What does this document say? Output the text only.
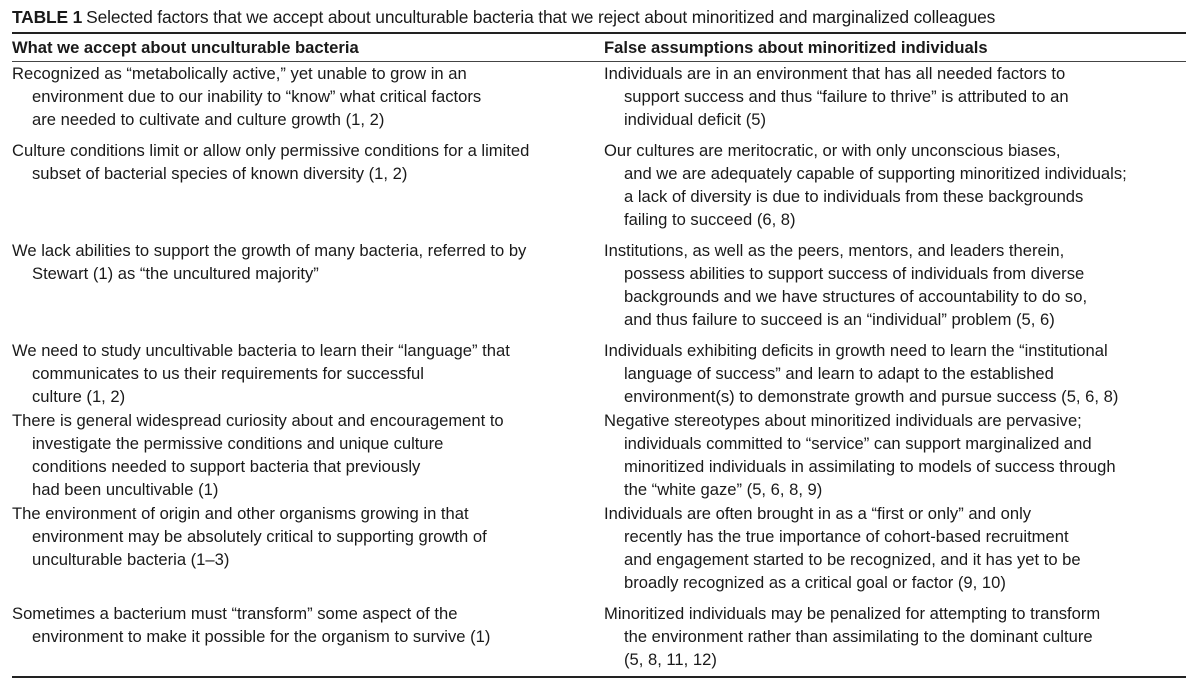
TABLE 1 Selected factors that we accept about unculturable bacteria that we reject about minoritized and marginalized colleagues
What we accept about unculturable bacteria	False assumptions about minoritized individuals
Recognized as “metabolically active,” yet unable to grow in an
environment due to our inability to “know” what critical factors
are needed to cultivate and culture growth (1, 2)
Individuals are in an environment that has all needed factors to
support success and thus “failure to thrive” is attributed to an
individual deficit (5)
Culture conditions limit or allow only permissive conditions for a limited
subset of bacterial species of known diversity (1, 2)
Our cultures are meritocratic, or with only unconscious biases,
and we are adequately capable of supporting minoritized individuals;
a lack of diversity is due to individuals from these backgrounds
failing to succeed (6, 8)
We lack abilities to support the growth of many bacteria, referred to by
Stewart (1) as “the uncultured majority”
Institutions, as well as the peers, mentors, and leaders therein,
possess abilities to support success of individuals from diverse
backgrounds and we have structures of accountability to do so,
and thus failure to succeed is an “individual” problem (5, 6)
We need to study uncultivable bacteria to learn their “language” that
communicates to us their requirements for successful
culture (1, 2)
Individuals exhibiting deficits in growth need to learn the “institutional
language of success” and learn to adapt to the established
environment(s) to demonstrate growth and pursue success (5, 6, 8)
There is general widespread curiosity about and encouragement to
investigate the permissive conditions and unique culture
conditions needed to support bacteria that previously
had been uncultivable (1)
Negative stereotypes about minoritized individuals are pervasive;
individuals committed to “service” can support marginalized and
minoritized individuals in assimilating to models of success through
the “white gaze” (5, 6, 8, 9)
The environment of origin and other organisms growing in that
environment may be absolutely critical to supporting growth of
unculturable bacteria (1–3)
Individuals are often brought in as a “first or only” and only
recently has the true importance of cohort-based recruitment
and engagement started to be recognized, and it has yet to be
broadly recognized as a critical goal or factor (9, 10)
Sometimes a bacterium must “transform” some aspect of the
environment to make it possible for the organism to survive (1)
Minoritized individuals may be penalized for attempting to transform
the environment rather than assimilating to the dominant culture
(5, 8, 11, 12)
